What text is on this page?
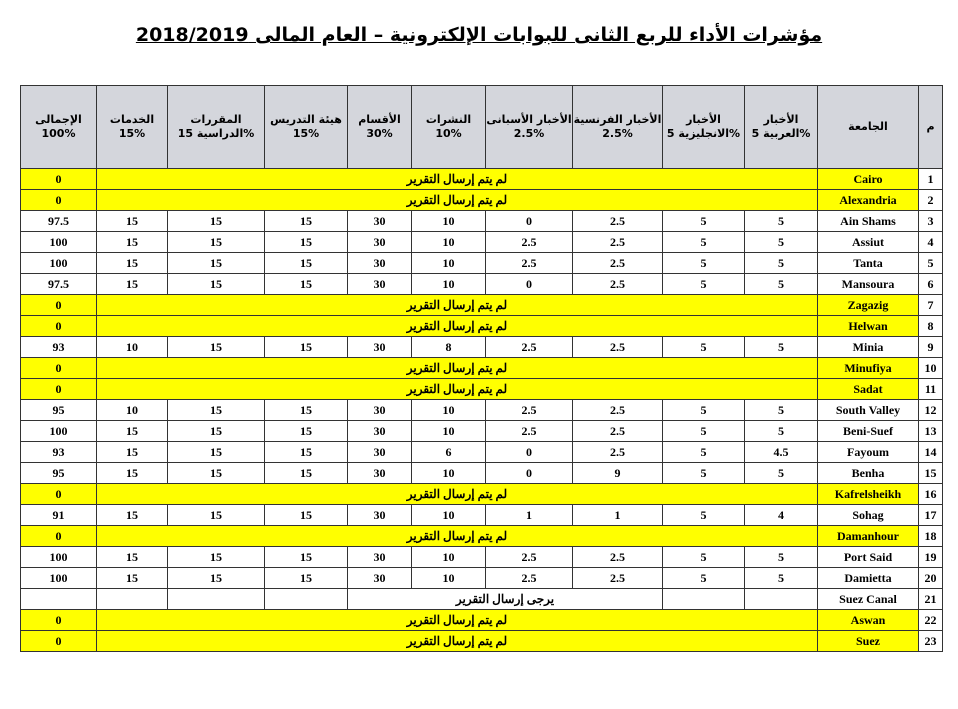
مؤشرات الأداء للربع الثانى للبوابات الإلكترونية – العام المالى 2018/2019
الإجمالى 100%	الخدمات 15%	المقررات الدراسية 15%	هيئة التدريس 15%	الأقسام 30%	النشرات 10%	الأخبار الأسبانى 2.5%	الأخبار الفرنسية 2.5%	الأخبار الانجليزية 5%	الأخبار العربية 5%	الجامعة	م
0	لم يتم إرسال التقرير									Cairo	1
0	لم يتم إرسال التقرير									Alexandria	2
97.5	15	15	15	30	10	0	2.5	5	5	Ain Shams	3
100	15	15	15	30	10	2.5	2.5	5	5	Assiut	4
100	15	15	15	30	10	2.5	2.5	5	5	Tanta	5
97.5	15	15	15	30	10	0	2.5	5	5	Mansoura	6
0	لم يتم إرسال التقرير									Zagazig	7
0	لم يتم إرسال التقرير									Helwan	8
93	10	15	15	30	8	2.5	2.5	5	5	Minia	9
0	لم يتم إرسال التقرير									Minufiya	10
0	لم يتم إرسال التقرير									Sadat	11
95	10	15	15	30	10	2.5	2.5	5	5	South Valley	12
100	15	15	15	30	10	2.5	2.5	5	5	Beni-Suef	13
93	15	15	15	30	6	0	2.5	5	4.5	Fayoum	14
95	15	15	15	30	10	0	9	5	5	Benha	15
0	لم يتم إرسال التقرير									Kafrelsheikh	16
91	15	15	15	30	10	1	1	5	4	Sohag	17
0	لم يتم إرسال التقرير									Damanhour	18
100	15	15	15	30	10	2.5	2.5	5	5	Port Said	19
100	15	15	15	30	10	2.5	2.5	5	5	Damietta	20
				يرجى إرسال التقرير						Suez Canal	21
0	لم يتم إرسال التقرير									Aswan	22
0	لم يتم إرسال التقرير									Suez	23
